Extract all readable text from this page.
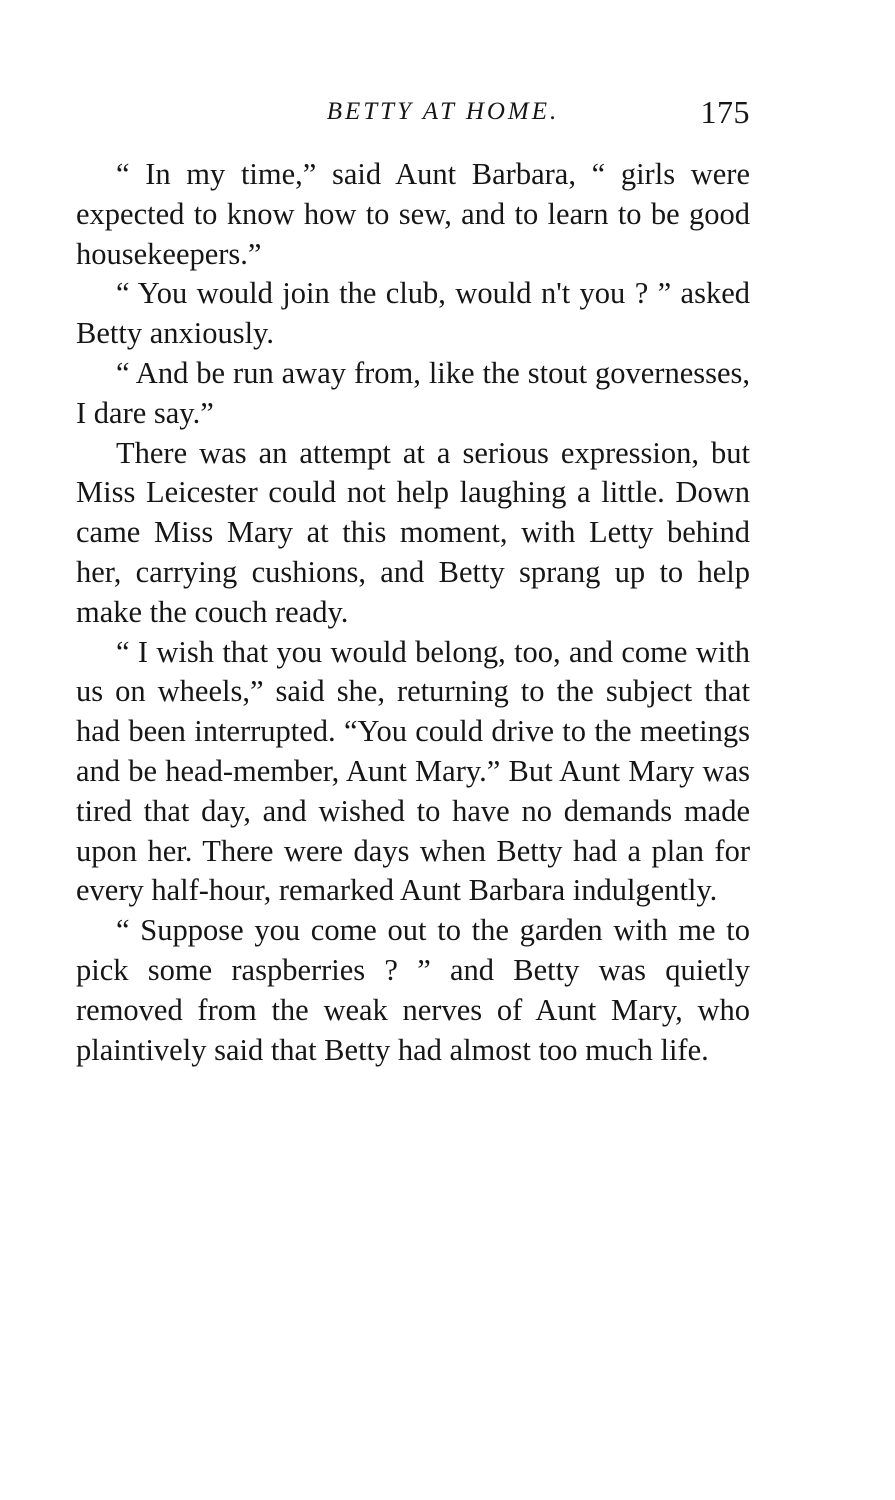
BETTY AT HOME.	175

“ In my time,” said Aunt Barbara, “ girls were expected to know how to sew, and to learn to be good housekeepers.”

“ You would join the club, would n't you ? ” asked Betty anxiously.

“ And be run away from, like the stout governesses, I dare say.”

There was an attempt at a serious expression, but Miss Leicester could not help laughing a little. Down came Miss Mary at this moment, with Letty behind her, carrying cushions, and Betty sprang up to help make the couch ready.

“ I wish that you would belong, too, and come with us on wheels,” said she, returning to the subject that had been interrupted. “You could drive to the meetings and be head-member, Aunt Mary.” But Aunt Mary was tired that day, and wished to have no demands made upon her. There were days when Betty had a plan for every half-hour, remarked Aunt Barbara indulgently.

“ Suppose you come out to the garden with me to pick some raspberries ? ” and Betty was quietly removed from the weak nerves of Aunt Mary, who plaintively said that Betty had almost too much life.
